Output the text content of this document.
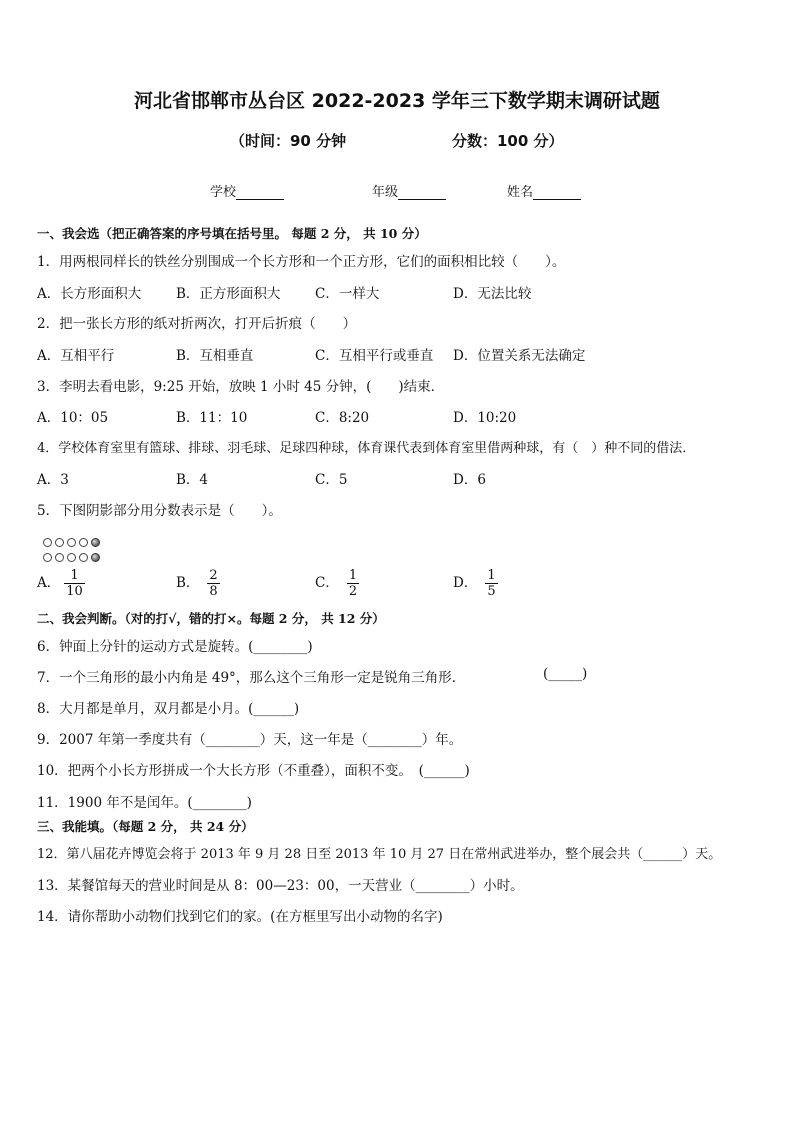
河北省邯郸市丛台区 2022-2023 学年三下数学期末调研试题
（时间：90 分钟	分数：100 分）
学校	年级	姓名
一、我会选（把正确答案的序号填在括号里。 每题 2 分， 共 10 分）
1．用两根同样长的铁丝分别围成一个长方形和一个正方形，它们的面积相比较（　　）。
A．长方形面积大	B．正方形面积大	C．一样大	D．无法比较
2．把一张长方形的纸对折两次，打开后折痕（　　）
A．互相平行	B．互相垂直	C．互相平行或垂直 D．位置关系无法确定
3．李明去看电影，9:25 开始，放映 1 小时 45 分钟，(　　)结束．
A．10：05	B．11：10	C．8:20	D．10:20
4．学校体育室里有篮球、排球、羽毛球、足球四种球，体育课代表到体育室里借两种球，有（　）种不同的借法．
A．3	B．4	C．5	D．6
5．下图阴影部分用分数表示是（　　）。
A． $\frac{1}{10}$	B． $\frac{2}{8}$	C． $\frac{1}{2}$	D． $\frac{1}{5}$
二、我会判断。（对的打√，错的打×。每题 2 分， 共 12 分）
6．钟面上分针的运动方式是旋转。(________)
7．一个三角形的最小内角是 49°，那么这个三角形一定是锐角三角形．	(_____)
8．大月都是单月，双月都是小月。(______)
9．2007 年第一季度共有（________）天，这一年是（________）年。
10．把两个小长方形拼成一个大长方形（不重叠），面积不变。　(______)
11．1900 年不是闰年。(________)
三、我能填。（每题 2 分， 共 24 分）
12．第八届花卉博览会将于 2013 年 9 月 28 日至 2013 年 10 月 27 日在常州武进举办，整个展会共（______）天。
13．某餐馆每天的营业时间是从 8：00—23：00，一天营业（________）小时。
14．请你帮助小动物们找到它们的家。(在方框里写出小动物的名字)
